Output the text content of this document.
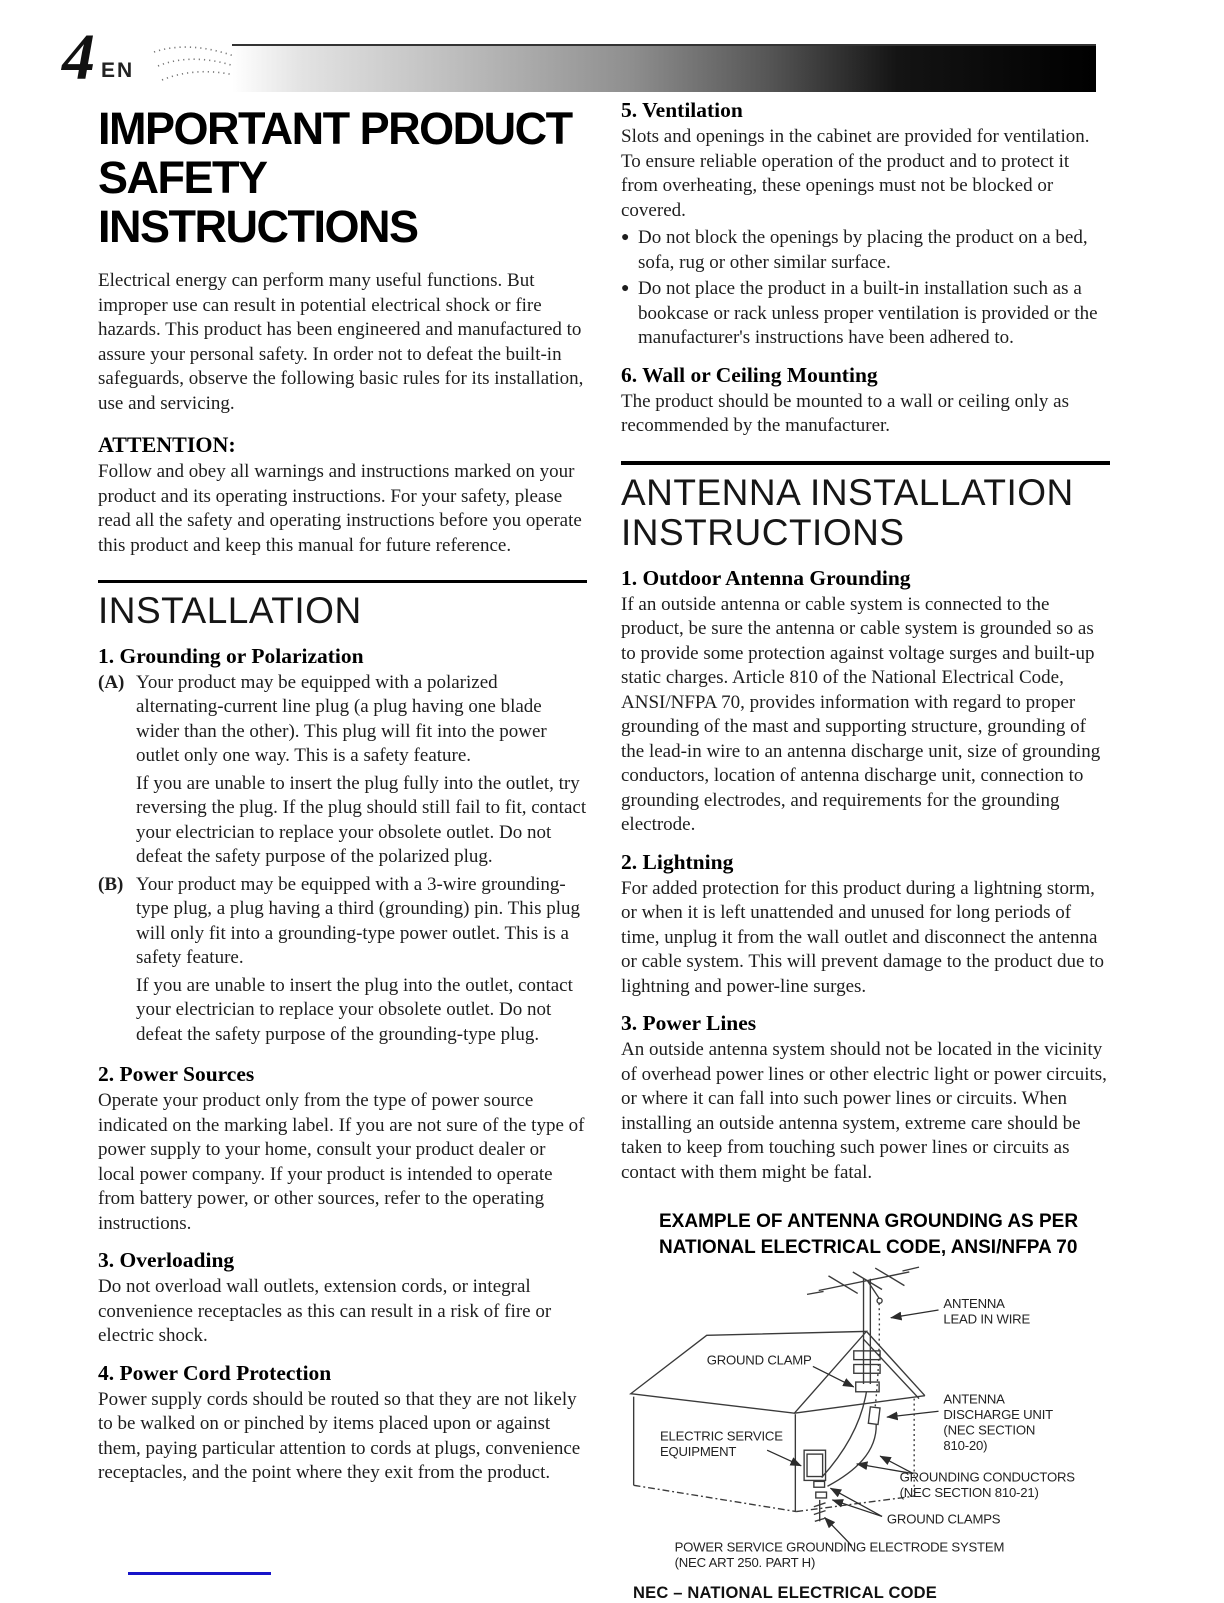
4 EN
IMPORTANT PRODUCT
SAFETY INSTRUCTIONS

Electrical energy can perform many useful functions. But improper use can result in potential electrical shock or fire hazards. This product has been engineered and manufactured to assure your personal safety. In order not to defeat the built-in safeguards, observe the following basic rules for its installation, use and servicing.

ATTENTION:

Follow and obey all warnings and instructions marked on your product and its operating instructions. For your safety, please read all the safety and operating instructions before you operate this product and keep this manual for future reference.

INSTALLATION
1. Grounding or Polarization
(A) Your product may be equipped with a polarized alternating-current line plug (a plug having one blade wider than the other). This plug will fit into the power outlet only one way. This is a safety feature.

If you are unable to insert the plug fully into the outlet, try reversing the plug. If the plug should still fail to fit, contact your electrician to replace your obsolete outlet. Do not defeat the safety purpose of the polarized plug.

(B) Your product may be equipped with a 3-wire grounding-type plug, a plug having a third (grounding) pin. This plug will only fit into a grounding-type power outlet. This is a safety feature.

If you are unable to insert the plug into the outlet, contact your electrician to replace your obsolete outlet. Do not defeat the safety purpose of the grounding-type plug.

2. Power Sources

Operate your product only from the type of power source indicated on the marking label. If you are not sure of the type of power supply to your home, consult your product dealer or local power company. If your product is intended to operate from battery power, or other sources, refer to the operating instructions.

3. Overloading

Do not overload wall outlets, extension cords, or integral convenience receptacles as this can result in a risk of fire or electric shock.

4. Power Cord Protection

Power supply cords should be routed so that they are not likely to be walked on or pinched by items placed upon or against them, paying particular attention to cords at plugs, convenience receptacles, and the point where they exit from the product.

5. Ventilation

Slots and openings in the cabinet are provided for ventilation. To ensure reliable operation of the product and to protect it from overheating, these openings must not be blocked or covered.

● Do not block the openings by placing the product on a bed, sofa, rug or other similar surface.

● Do not place the product in a built-in installation such as a bookcase or rack unless proper ventilation is provided or the manufacturer's instructions have been adhered to.

6. Wall or Ceiling Mounting

The product should be mounted to a wall or ceiling only as recommended by the manufacturer.

ANTENNA INSTALLATION
INSTRUCTIONS
1. Outdoor Antenna Grounding

If an outside antenna or cable system is connected to the product, be sure the antenna or cable system is grounded so as to provide some protection against voltage surges and built-up static charges. Article 810 of the National Electrical Code, ANSI/NFPA 70, provides information with regard to proper grounding of the mast and supporting structure, grounding of the lead-in wire to an antenna discharge unit, size of grounding conductors, location of antenna discharge unit, connection to grounding electrodes, and requirements for the grounding electrode.

2. Lightning

For added protection for this product during a lightning storm, or when it is left unattended and unused for long periods of time, unplug it from the wall outlet and disconnect the antenna or cable system. This will prevent damage to the product due to lightning and power-line surges.

3. Power Lines

An outside antenna system should not be located in the vicinity of overhead power lines or other electric light or power circuits, or where it can fall into such power lines or circuits. When installing an outside antenna system, extreme care should be taken to keep from touching such power lines or circuits as contact with them might be fatal.

EXAMPLE OF ANTENNA GROUNDING AS PER
NATIONAL ELECTRICAL CODE, ANSI/NFPA 70
ANTENNA
LEAD IN WIRE
GROUND CLAMP
ANTENNA
DISCHARGE UNIT
(NEC SECTION
810-20)
ELECTRIC SERVICE
EQUIPMENT
GROUNDING CONDUCTORS
(NEC SECTION 810-21)
GROUND CLAMPS
POWER SERVICE GROUNDING ELECTRODE SYSTEM
(NEC ART 250. PART H)
NEC – NATIONAL ELECTRICAL CODE
